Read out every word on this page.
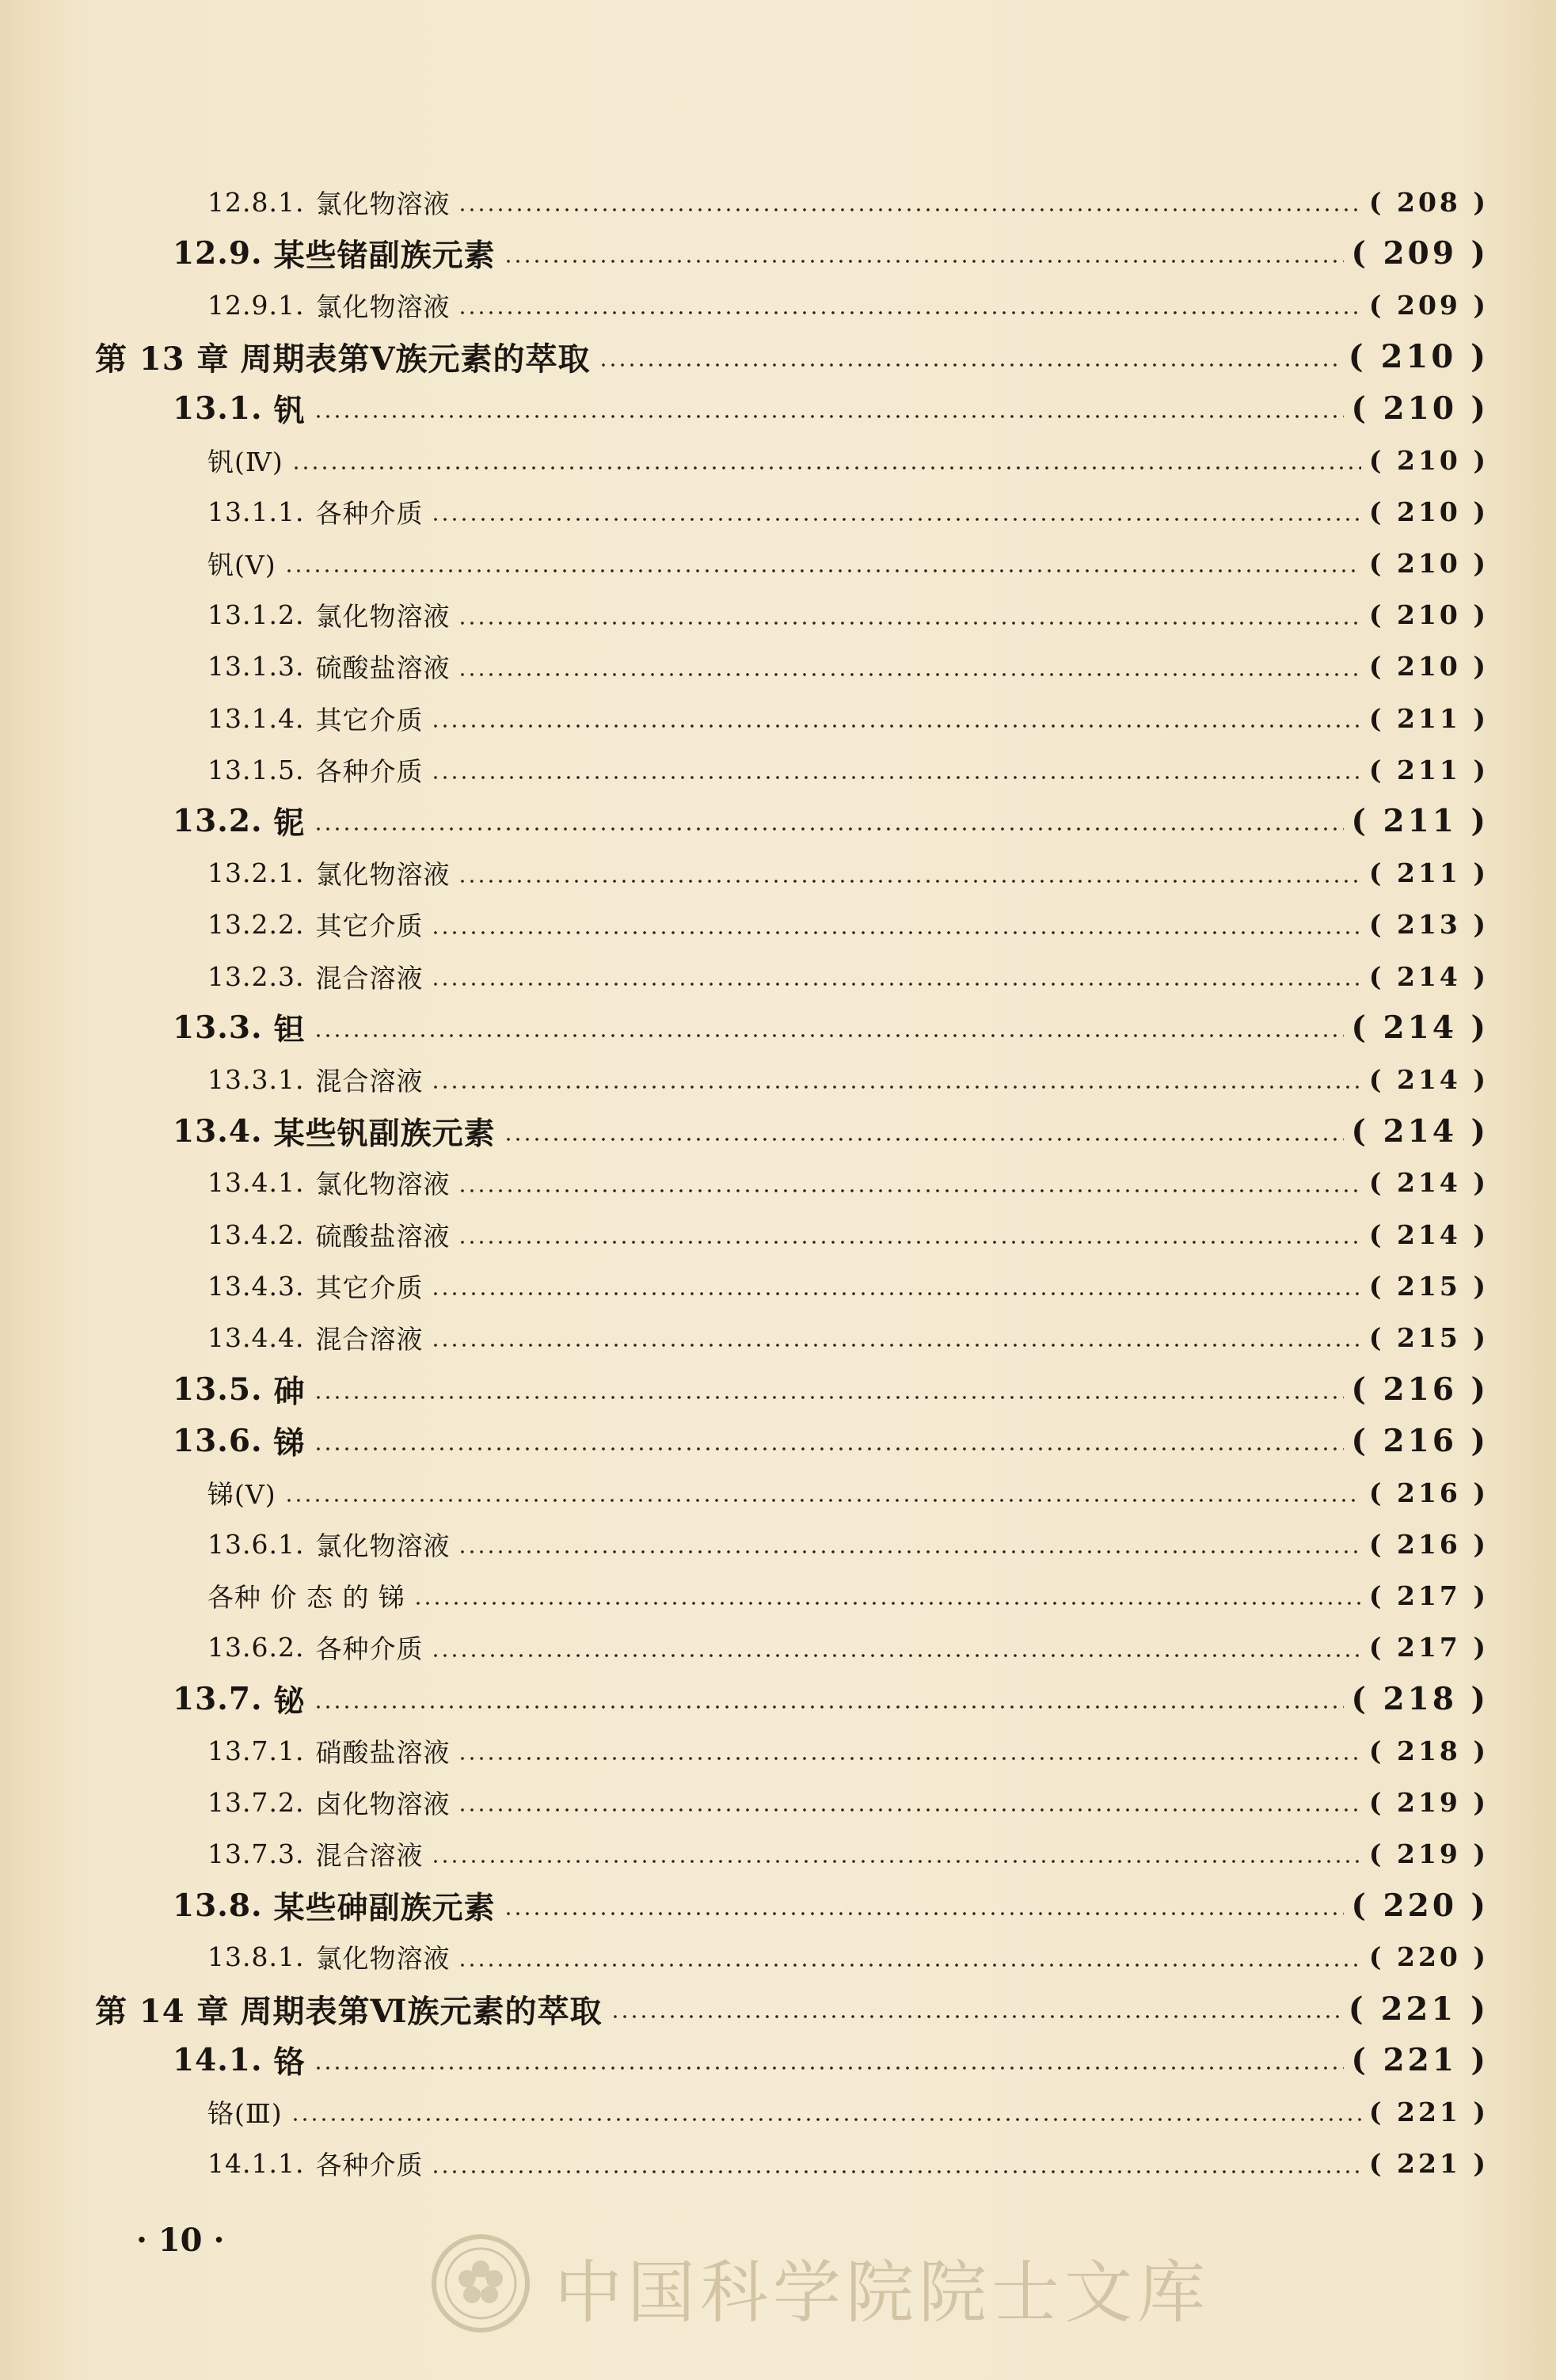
12.8.1. 氯化物溶液	( 208 )
12.9. 某些锗副族元素	( 209 )
12.9.1. 氯化物溶液	( 209 )
第 13 章 周期表第Ⅴ族元素的萃取	( 210 )
13.1. 钒	( 210 )
钒(Ⅳ)	( 210 )
13.1.1. 各种介质	( 210 )
钒(Ⅴ)	( 210 )
13.1.2. 氯化物溶液	( 210 )
13.1.3. 硫酸盐溶液	( 210 )
13.1.4. 其它介质	( 211 )
13.1.5. 各种介质	( 211 )
13.2. 铌	( 211 )
13.2.1. 氯化物溶液	( 211 )
13.2.2. 其它介质	( 213 )
13.2.3. 混合溶液	( 214 )
13.3. 钽	( 214 )
13.3.1. 混合溶液	( 214 )
13.4. 某些钒副族元素	( 214 )
13.4.1. 氯化物溶液	( 214 )
13.4.2. 硫酸盐溶液	( 214 )
13.4.3. 其它介质	( 215 )
13.4.4. 混合溶液	( 215 )
13.5. 砷	( 216 )
13.6. 锑	( 216 )
锑(Ⅴ)	( 216 )
13.6.1. 氯化物溶液	( 216 )
各种 价 态 的 锑	( 217 )
13.6.2. 各种介质	( 217 )
13.7. 铋	( 218 )
13.7.1. 硝酸盐溶液	( 218 )
13.7.2. 卤化物溶液	( 219 )
13.7.3. 混合溶液	( 219 )
13.8. 某些砷副族元素	( 220 )
13.8.1. 氯化物溶液	( 220 )
第 14 章 周期表第Ⅵ族元素的萃取	( 221 )
14.1. 铬	( 221 )
铬(Ⅲ)	( 221 )
14.1.1. 各种介质	( 221 )
· 10 ·
中国科学院院士文库
